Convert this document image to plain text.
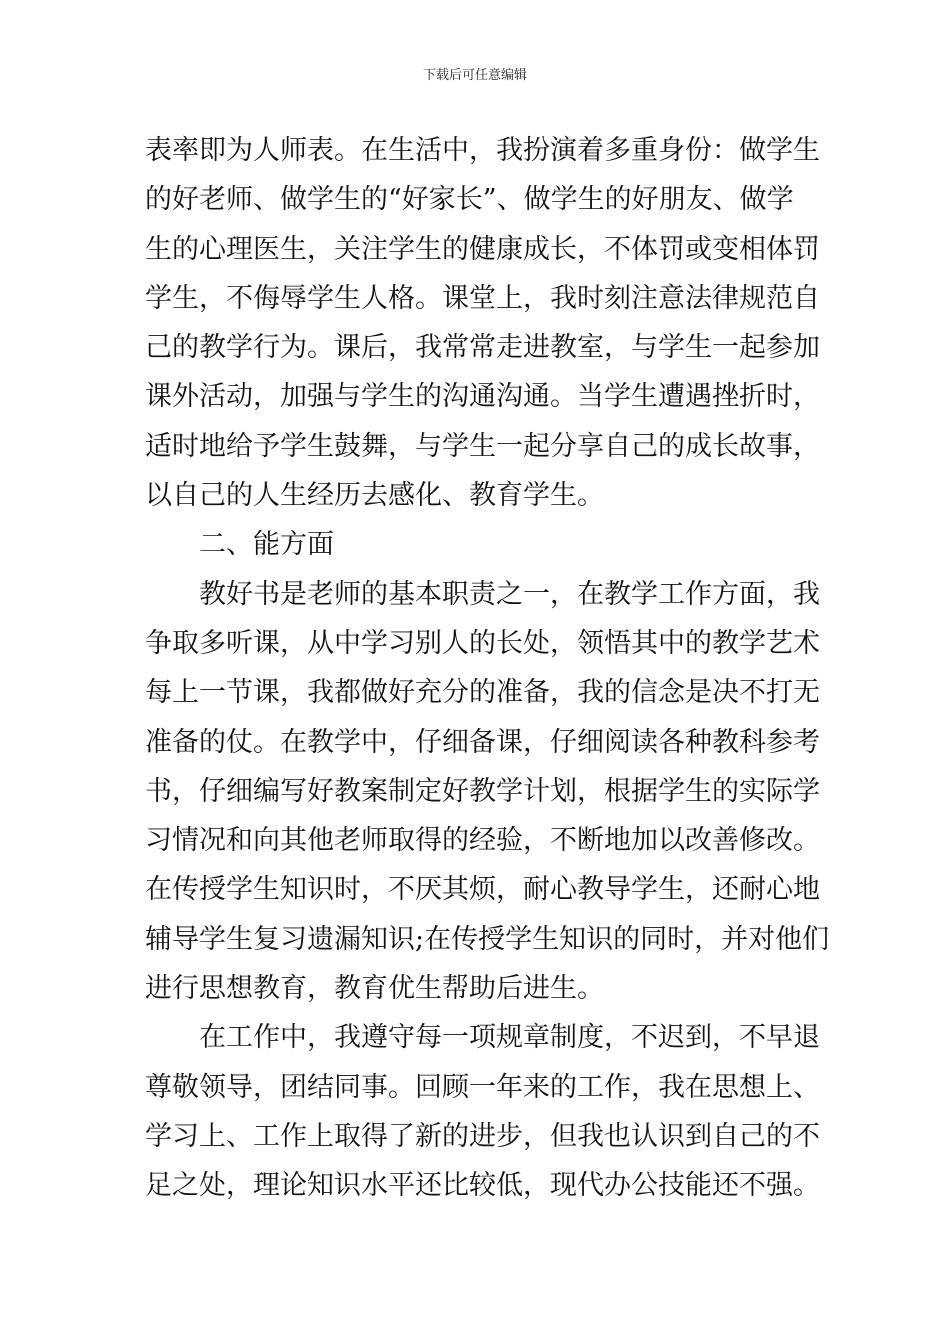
下载后可任意编辑
表率即为人师表。在生活中，我扮演着多重身份：做学生
的好老师、做学生的“好家长”、做学生的好朋友、做学
生的心理医生，关注学生的健康成长，不体罚或变相体罚
学生，不侮辱学生人格。课堂上，我时刻注意法律规范自
己的教学行为。课后，我常常走进教室，与学生一起参加
课外活动，加强与学生的沟通沟通。当学生遭遇挫折时，
适时地给予学生鼓舞，与学生一起分享自己的成长故事，
以自己的人生经历去感化、教育学生。
二、能方面
教好书是老师的基本职责之一，在教学工作方面，我
争取多听课，从中学习别人的长处，领悟其中的教学艺术
每上一节课，我都做好充分的准备，我的信念是决不打无
准备的仗。在教学中，仔细备课，仔细阅读各种教科参考
书，仔细编写好教案制定好教学计划，根据学生的实际学
习情况和向其他老师取得的经验，不断地加以改善修改。
在传授学生知识时，不厌其烦，耐心教导学生，还耐心地
辅导学生复习遗漏知识;在传授学生知识的同时，并对他们
进行思想教育，教育优生帮助后进生。
在工作中，我遵守每一项规章制度，不迟到，不早退
尊敬领导，团结同事。回顾一年来的工作，我在思想上、
学习上、工作上取得了新的进步，但我也认识到自己的不
足之处，理论知识水平还比较低，现代办公技能还不强。
